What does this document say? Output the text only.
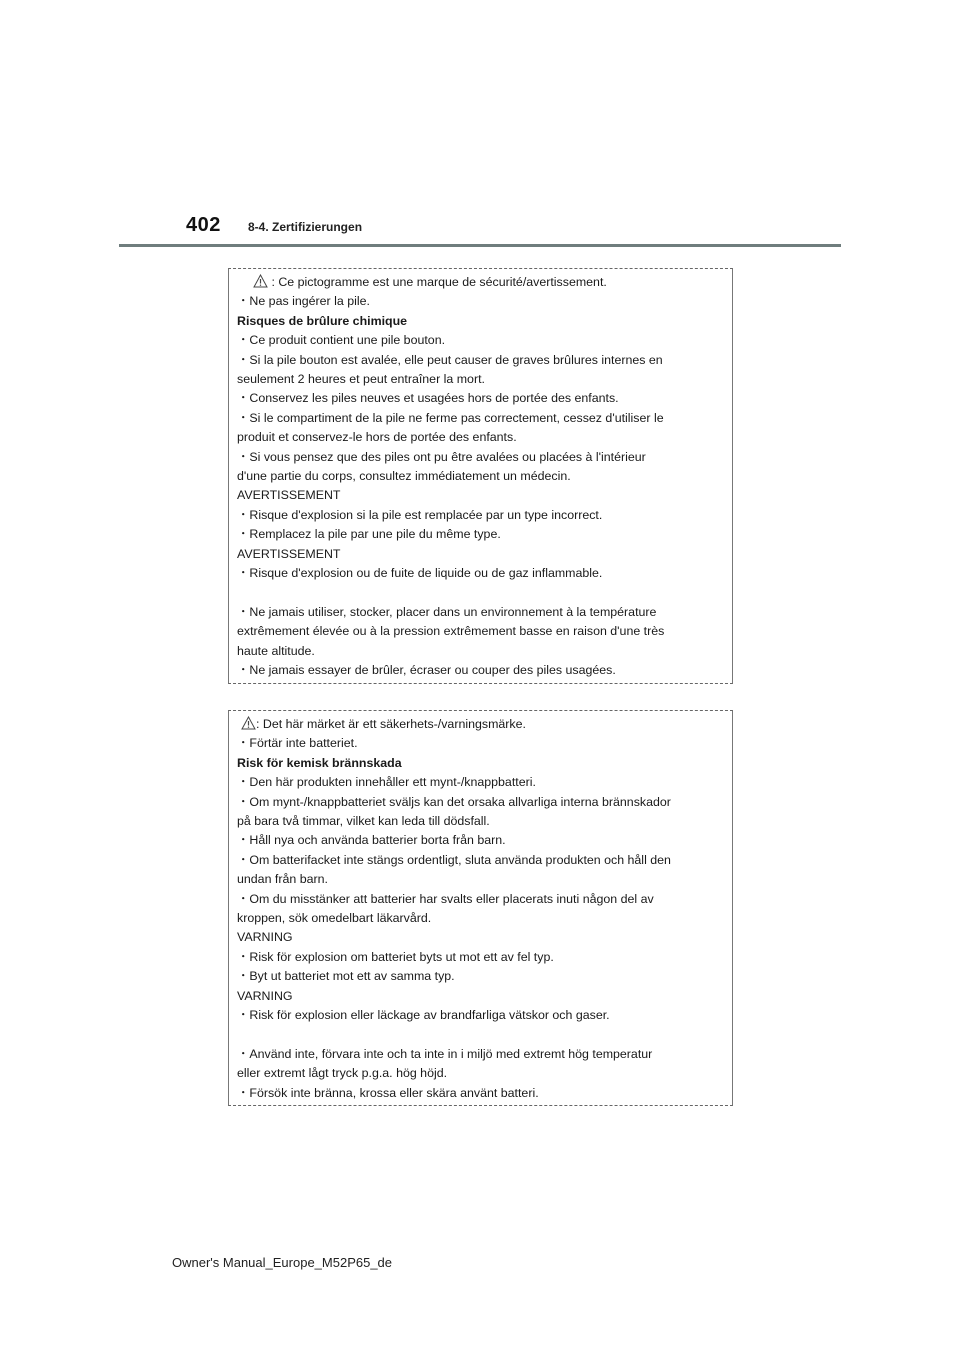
402 8-4. Zertifizierungen
: Ce pictogramme est une marque de sécurité/avertissement.
・Ne pas ingérer la pile.
Risques de brûlure chimique
・Ce produit contient une pile bouton.
・Si la pile bouton est avalée, elle peut causer de graves brûlures internes en
seulement 2 heures et peut entraîner la mort.
・Conservez les piles neuves et usagées hors de portée des enfants.
・Si le compartiment de la pile ne ferme pas correctement, cessez d'utiliser le
produit et conservez-le hors de portée des enfants.
・Si vous pensez que des piles ont pu être avalées ou placées à l'intérieur
d'une partie du corps, consultez immédiatement un médecin.
AVERTISSEMENT
・Risque d'explosion si la pile est remplacée par un type incorrect.
・Remplacez la pile par une pile du même type.
AVERTISSEMENT
・Risque d'explosion ou de fuite de liquide ou de gaz inflammable.
・Ne jamais utiliser, stocker, placer dans un environnement à la température
extrêmement élevée ou à la pression extrêmement basse en raison d'une très
haute altitude.
・Ne jamais essayer de brûler, écraser ou couper des piles usagées.
: Det här märket är ett säkerhets-/varningsmärke.
・Förtär inte batteriet.
Risk för kemisk brännskada
・Den här produkten innehåller ett mynt-/knappbatteri.
・Om mynt-/knappbatteriet sväljs kan det orsaka allvarliga interna brännskador
på bara två timmar, vilket kan leda till dödsfall.
・Håll nya och använda batterier borta från barn.
・Om batterifacket inte stängs ordentligt, sluta använda produkten och håll den
undan från barn.
・Om du misstänker att batterier har svalts eller placerats inuti någon del av
kroppen, sök omedelbart läkarvård.
VARNING
・Risk för explosion om batteriet byts ut mot ett av fel typ.
・Byt ut batteriet mot ett av samma typ.
VARNING
・Risk för explosion eller läckage av brandfarliga vätskor och gaser.
・Använd inte, förvara inte och ta inte in i miljö med extremt hög temperatur
eller extremt lågt tryck p.g.a. hög höjd.
・Försök inte bränna, krossa eller skära använt batteri.
Owner's Manual_Europe_M52P65_de
